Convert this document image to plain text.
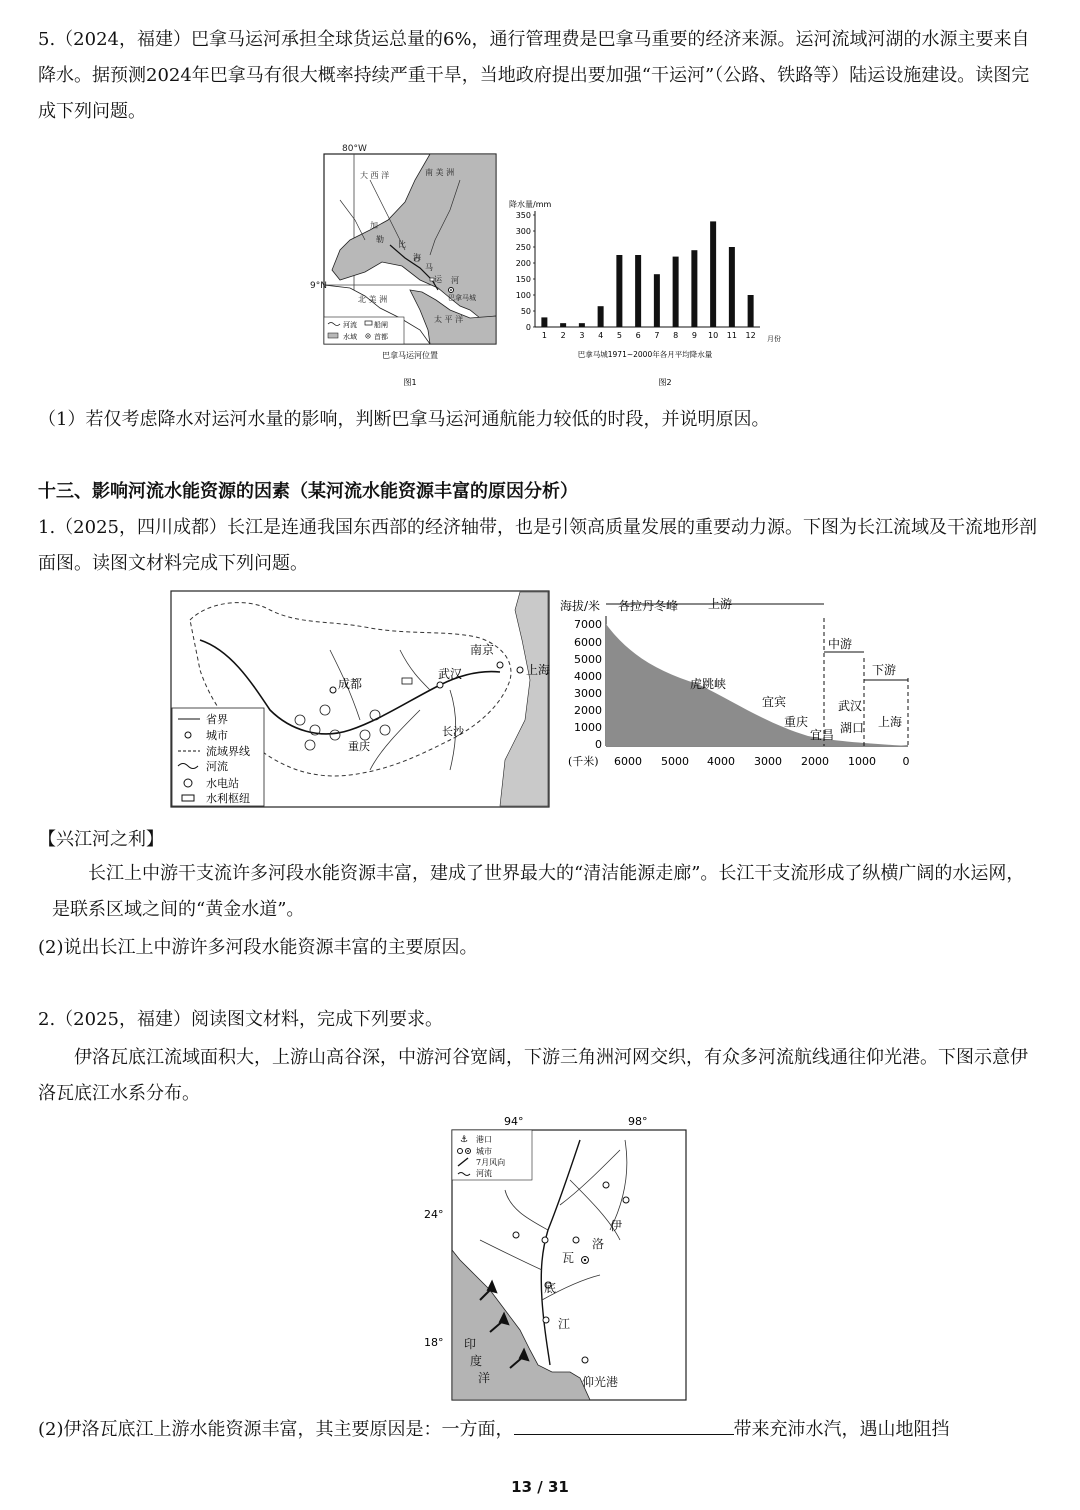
5.（2024，福建）巴拿马运河承担全球货运总量的6%，通行管理费是巴拿马重要的经济来源。运河流域河湖的水源主要来自降水。据预测2024年巴拿马有很大概率持续严重干旱，当地政府提出要加强“干运河”（公路、铁路等）陆运设施建设。读图完成下列问题。

80°W
大 西 洋	南 美 洲
加
勒
比
海
马
运 河
巴拿马城
北 美 洲
太 平 洋
9°N
河流 船闸
水域 首都
巴拿马运河位置
图1
降水量/mm
0
50
100
150
200
250
300
350
1 2 3 4 5 6 7 8 9 10 11 12 月份
巴拿马城1971~2000年各月平均降水量
图2

（1）若仅考虑降水对运河水量的影响，判断巴拿马运河通航能力较低的时段，并说明原因。

十三、影响河流水能资源的因素（某河流水能资源丰富的原因分析）

1.（2025，四川成都）长江是连通我国东西部的经济轴带，也是引领高质量发展的重要动力源。下图为长江流域及干流地形剖面图。读图文材料完成下列问题。

成都
武汉
南京
上海
重庆
长沙
省界
城市
流域界线
河流
水电站
水利枢纽
海拔/米 各拉丹冬峰
7000
6000
5000
4000
3000
2000
1000
0
上游
中游
下游
虎跳峡
宜宾
重庆
宜昌
武汉
湖口 上海
(千米) 6000 5000 4000 3000 2000 1000 0

【兴江河之利】

长江上中游干支流许多河段水能资源丰富，建成了世界最大的“清洁能源走廊”。长江干支流形成了纵横广阔的水运网，是联系区域之间的“黄金水道”。

(2)说出长江上中游许多河段水能资源丰富的主要原因。

2.（2025，福建）阅读图文材料，完成下列要求。

伊洛瓦底江流域面积大，上游山高谷深，中游河谷宽阔，下游三角洲河网交织，有众多河流航线通往仰光港。下图示意伊洛瓦底江水系分布。

94°	98°
24°
18°
伊
洛
瓦
底
江
印
度
洋	仰光港
⚓ 港口
城市
7月风向
河流

(2)伊洛瓦底江上游水能资源丰富，其主要原因是：一方面，	带来充沛水汽，遇山地阻挡

13 / 31
